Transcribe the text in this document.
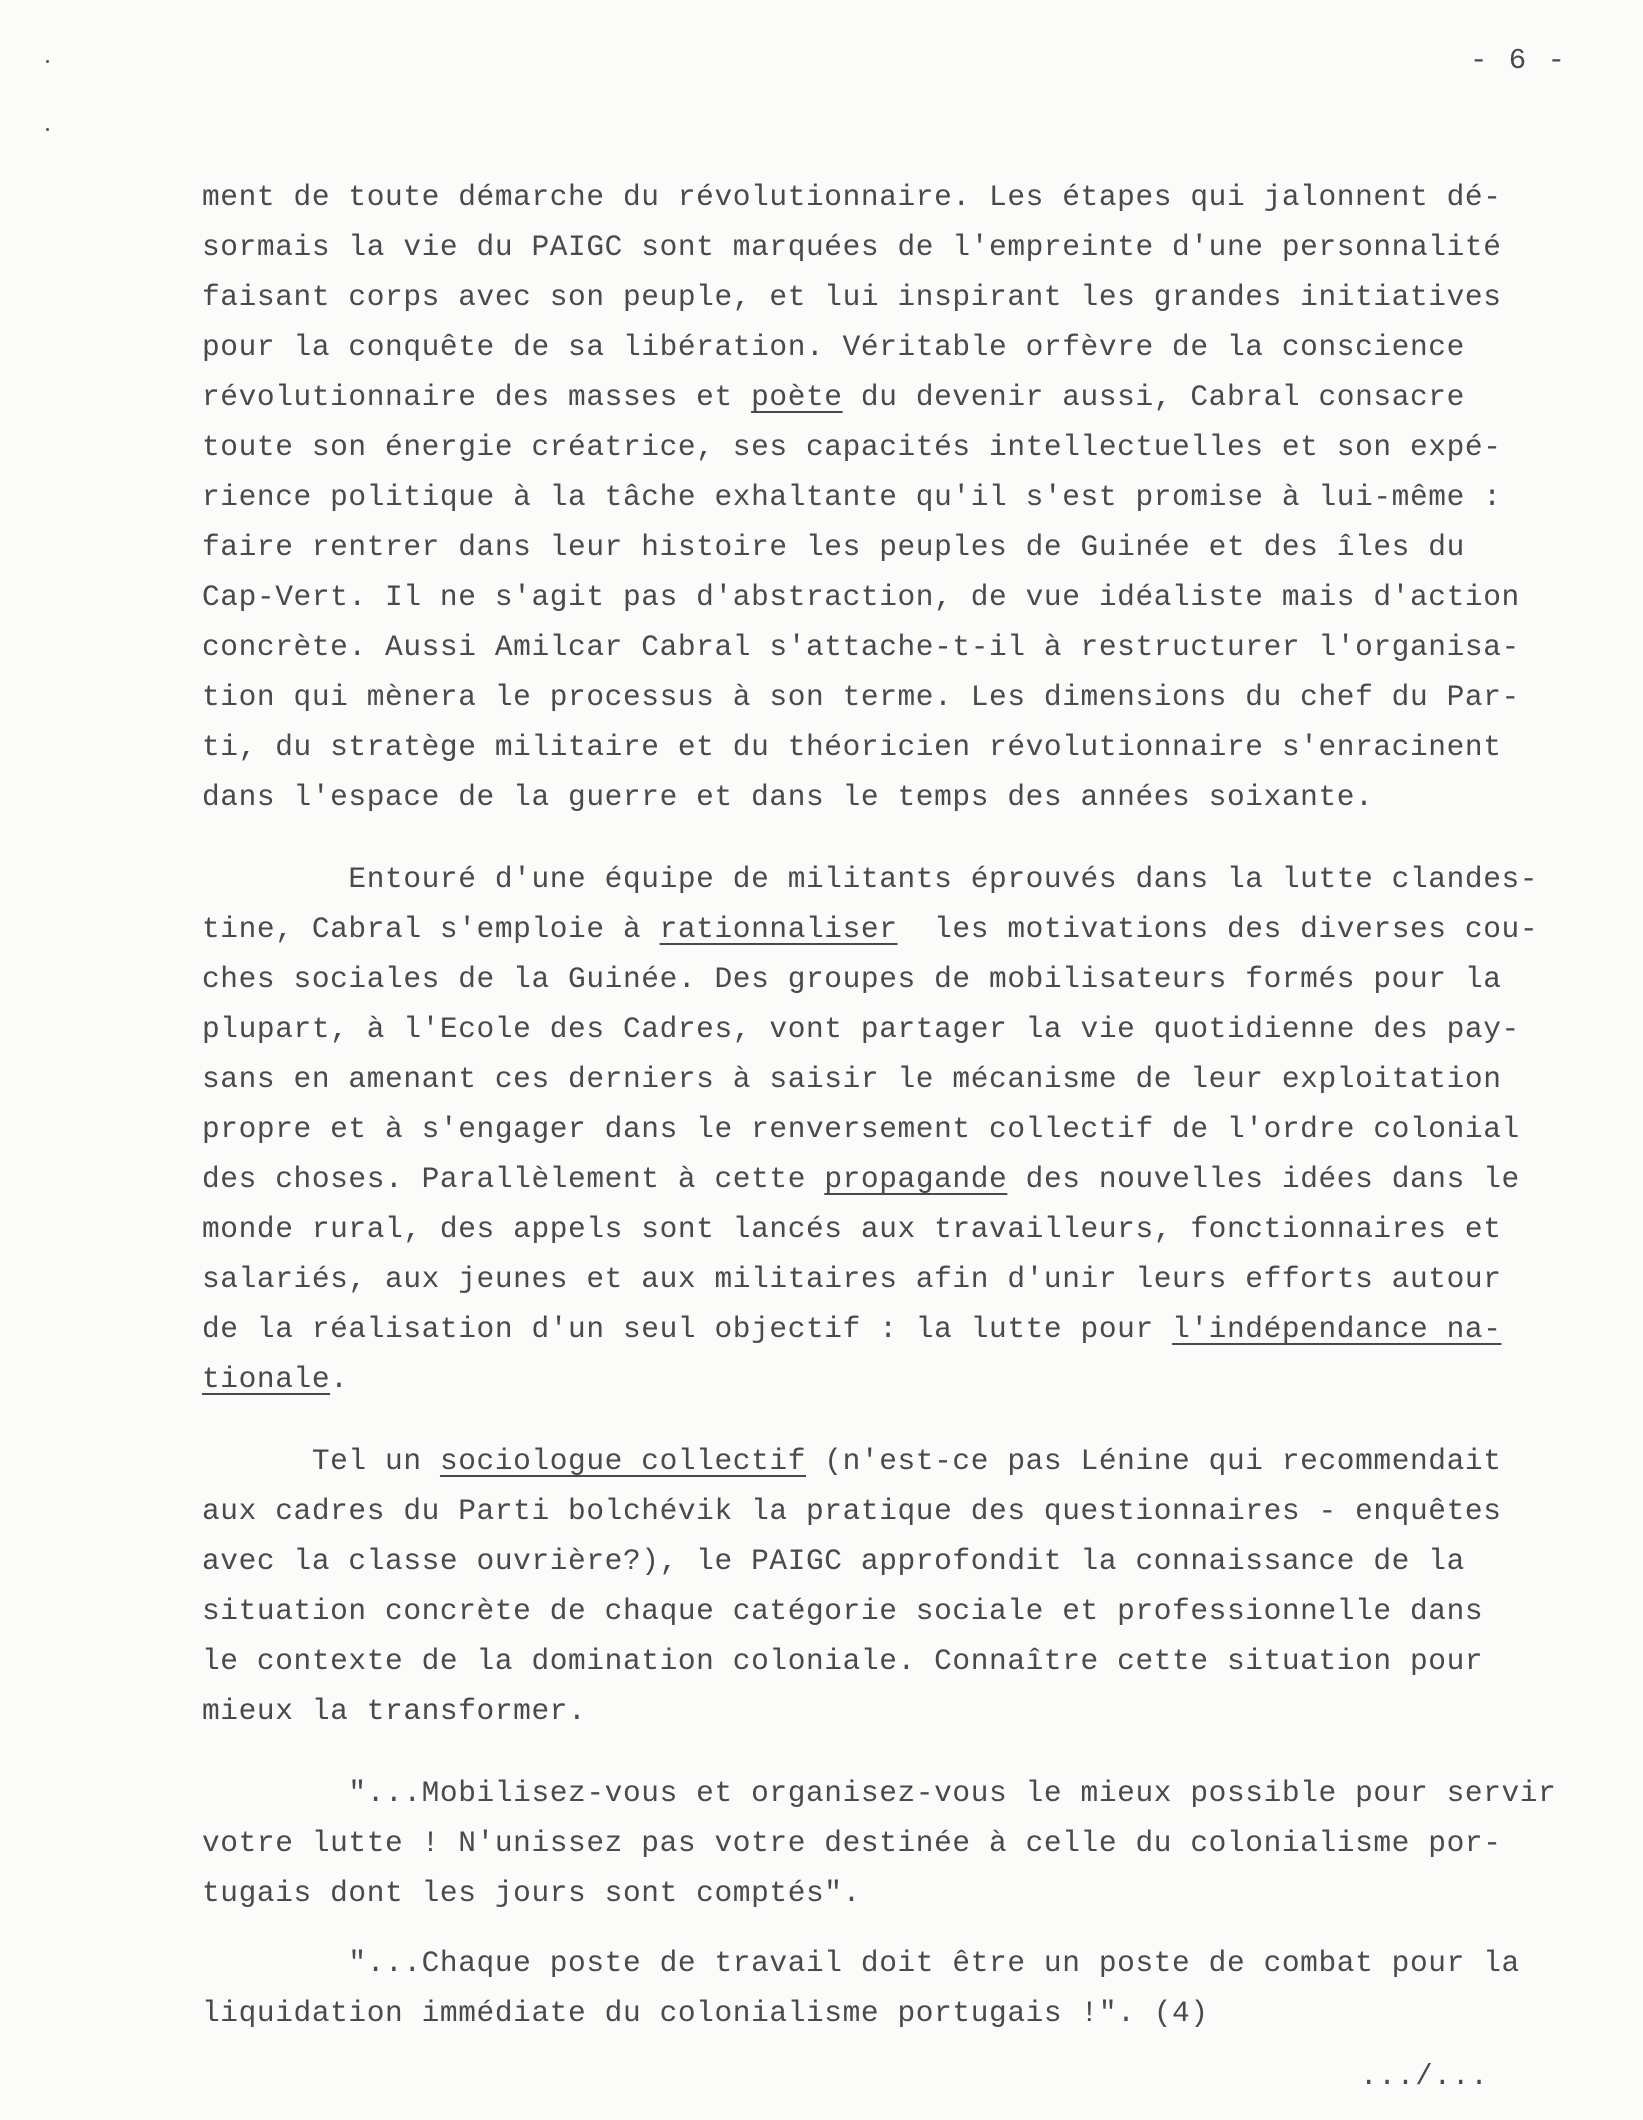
- 6 -
ment de toute démarche du révolutionnaire. Les étapes qui jalonnent dé-
sormais la vie du PAIGC sont marquées de l'empreinte d'une personnalité
faisant corps avec son peuple, et lui inspirant les grandes initiatives
pour la conquête de sa libération. Véritable orfèvre de la conscience
révolutionnaire des masses et poète du devenir aussi, Cabral consacre
toute son énergie créatrice, ses capacités intellectuelles et son expé-
rience politique à la tâche exhaltante qu'il s'est promise à lui-même :
faire rentrer dans leur histoire les peuples de Guinée et des îles du
Cap-Vert. Il ne s'agit pas d'abstraction, de vue idéaliste mais d'action
concrète. Aussi Amilcar Cabral s'attache-t-il à restructurer l'organisa-
tion qui mènera le processus à son terme. Les dimensions du chef du Par-
ti, du stratège militaire et du théoricien révolutionnaire s'enracinent
dans l'espace de la guerre et dans le temps des années soixante.
Entouré d'une équipe de militants éprouvés dans la lutte clandes-
tine, Cabral s'emploie à rationnaliser  les motivations des diverses cou-
ches sociales de la Guinée. Des groupes de mobilisateurs formés pour la
plupart, à l'Ecole des Cadres, vont partager la vie quotidienne des pay-
sans en amenant ces derniers à saisir le mécanisme de leur exploitation
propre et à s'engager dans le renversement collectif de l'ordre colonial
des choses. Parallèlement à cette propagande des nouvelles idées dans le
monde rural, des appels sont lancés aux travailleurs, fonctionnaires et
salariés, aux jeunes et aux militaires afin d'unir leurs efforts autour
de la réalisation d'un seul objectif : la lutte pour l'indépendance na-
tionale.
Tel un sociologue collectif (n'est-ce pas Lénine qui recommendait
aux cadres du Parti bolchévik la pratique des questionnaires - enquêtes
avec la classe ouvrière?), le PAIGC approfondit la connaissance de la
situation concrète de chaque catégorie sociale et professionnelle dans
le contexte de la domination coloniale. Connaître cette situation pour
mieux la transformer.
"...Mobilisez-vous et organisez-vous le mieux possible pour servir
votre lutte ! N'unissez pas votre destinée à celle du colonialisme por-
tugais dont les jours sont comptés".
"...Chaque poste de travail doit être un poste de combat pour la
liquidation immédiate du colonialisme portugais !". (4)
.../...
